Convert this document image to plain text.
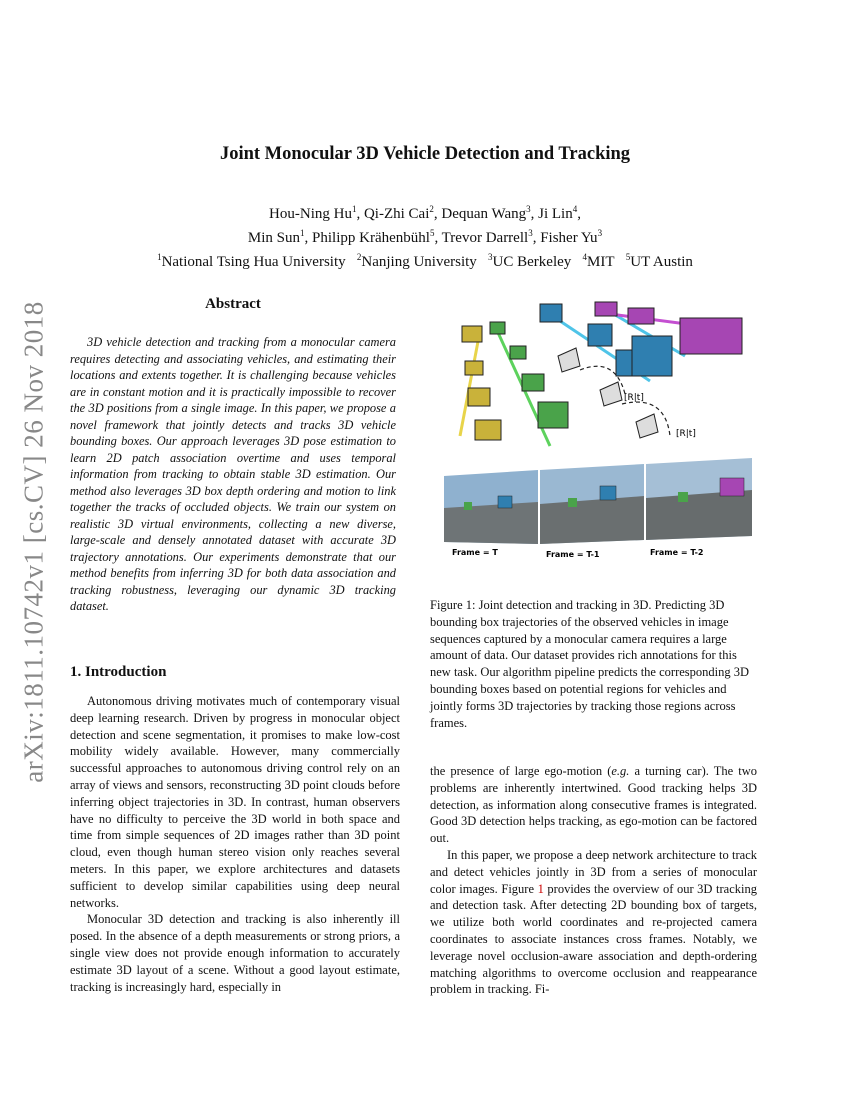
arXiv:1811.10742v1 [cs.CV] 26 Nov 2018
Joint Monocular 3D Vehicle Detection and Tracking
Hou-Ning Hu$^1$, Qi-Zhi Cai$^2$, Dequan Wang$^3$, Ji Lin$^4$,
Min Sun$^1$, Philipp Krähenbühl$^5$, Trevor Darrell$^3$, Fisher Yu$^3$
$^1$National Tsing Hua University $^2$Nanjing University $^3$UC Berkeley $^4$MIT $^5$UT Austin
Abstract

3D vehicle detection and tracking from a monocular camera requires detecting and associating vehicles, and estimating their locations and extents together. It is challenging because vehicles are in constant motion and it is practically impossible to recover the 3D positions from a single image. In this paper, we propose a novel framework that jointly detects and tracks 3D vehicle bounding boxes. Our approach leverages 3D pose estimation to learn 2D patch association overtime and uses temporal information from tracking to obtain stable 3D estimation. Our method also leverages 3D box depth ordering and motion to link together the tracks of occluded objects. We train our system on realistic 3D virtual environments, collecting a new diverse, large-scale and densely annotated dataset with accurate 3D trajectory annotations. Our experiments demonstrate that our method benefits from inferring 3D for both data association and tracking robustness, leveraging our dynamic 3D tracking dataset.

[R|t]
[R|t]
Frame = T	Frame = T-1	Frame = T-2
Figure 1: Joint detection and tracking in 3D. Predicting 3D bounding box trajectories of the observed vehicles in image sequences captured by a monocular camera requires a large amount of data. Our dataset provides rich annotations for this new task. Our algorithm pipeline predicts the corresponding 3D bounding boxes based on potential regions for vehicles and jointly forms 3D trajectories by tracking those regions across frames.
1. Introduction

Autonomous driving motivates much of contemporary visual deep learning research. Driven by progress in monocular object detection and scene segmentation, it promises to make low-cost mobility widely available. However, many commercially successful approaches to autonomous driving control rely on an array of views and sensors, reconstructing 3D point clouds before inferring object trajectories in 3D. In contrast, human observers have no difficulty to perceive the 3D world in both space and time from simple sequences of 2D images rather than 3D point cloud, even though human stereo vision only reaches several meters. In this paper, we explore architectures and datasets sufficient to develop similar capabilities using deep neural networks.

Monocular 3D detection and tracking is also inherently ill posed. In the absence of a depth measurements or strong priors, a single view does not provide enough information to accurately estimate 3D layout of a scene. Without a good layout estimate, tracking is increasingly hard, especially in

the presence of large ego-motion (e.g. a turning car). The two problems are inherently intertwined. Good tracking helps 3D detection, as information along consecutive frames is integrated. Good 3D detection helps tracking, as ego-motion can be factored out.

In this paper, we propose a deep network architecture to track and detect vehicles jointly in 3D from a series of monocular color images. Figure 1 provides the overview of our 3D tracking and detection task. After detecting 2D bounding box of targets, we utilize both world coordinates and re-projected camera coordinates to associate instances cross frames. Notably, we leverage novel occlusion-aware association and depth-ordering matching algorithms to overcome occlusion and reappearance problem in tracking. Fi-
